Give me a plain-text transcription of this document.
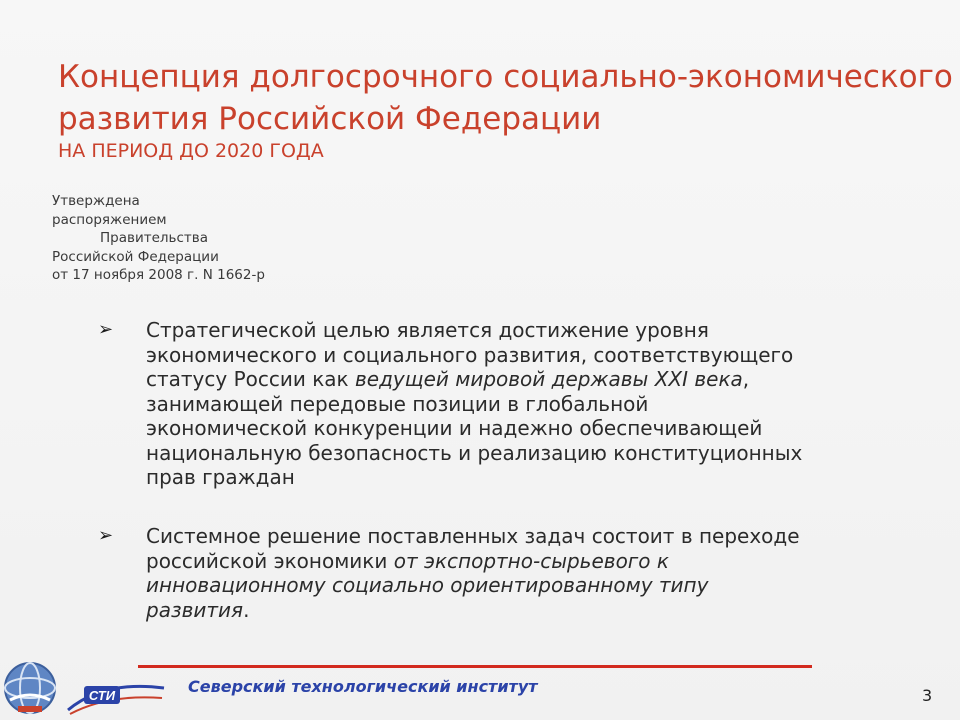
Концепция долгосрочного социально-экономического
развития Российской Федерации
НА ПЕРИОД ДО 2020 ГОДА
Утверждена
распоряжением
Правительства
Российской Федерации
от 17 ноября 2008 г. N 1662-р
➢ Стратегической целью является достижение уровня
экономического и социального развития, соответствующего
статусу России как ведущей мировой державы XXI века,
занимающей передовые позиции в глобальной
экономической конкуренции и надежно обеспечивающей
национальную безопасность и реализацию конституционных
прав граждан
➢ Системное решение поставленных задач состоит в переходе
российской экономики от экспортно-сырьевого к
инновационному социально ориентированному типу
развития.
СТИ	Северский технологический институт	3
